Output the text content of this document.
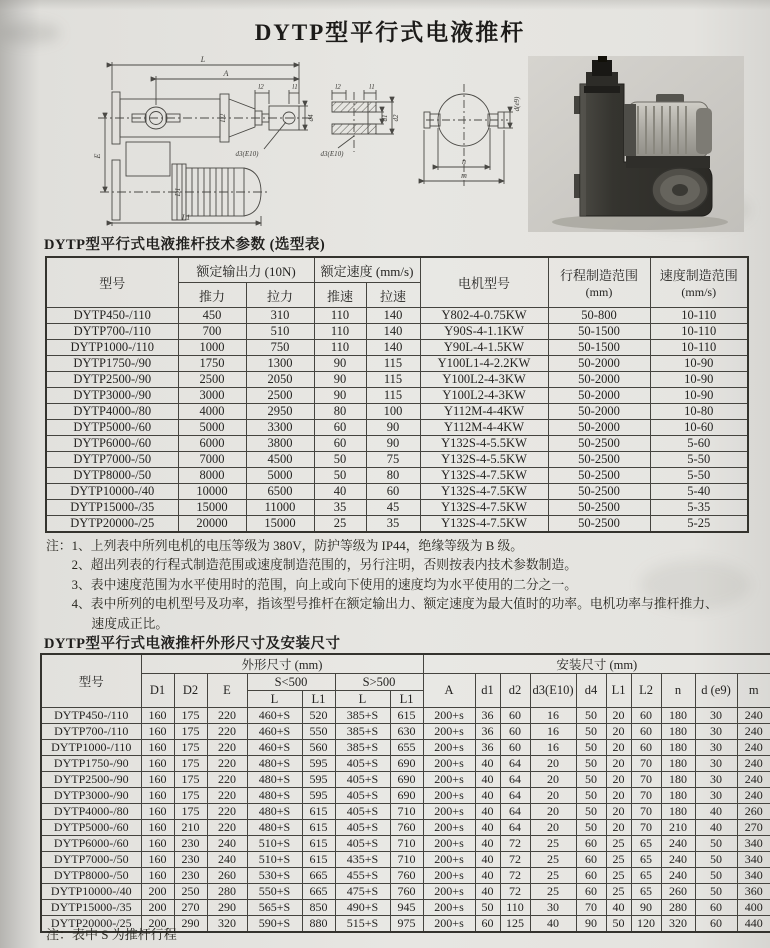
DYTP型平行式电液推杆
L
A
l2	l1
D2	d4
d3(E10)
E
D1
L1
l2	l1
d1 d2
d3(E10)
d(e9)
n
m
DYTP型平行式电液推杆技术参数 (选型表)
型号	额定输出力 (10N)		额定速度 (mm/s)		电机型号	行程制造范围
(mm)	速度制造范围
(mm/s)
	推力	拉力	推速	拉速			
DYTP450-/110	450	310	110	140	Y802-4-0.75KW	50-800	10-110
DYTP700-/110	700	510	110	140	Y90S-4-1.1KW	50-1500	10-110
DYTP1000-/110	1000	750	110	140	Y90L-4-1.5KW	50-1500	10-110
DYTP1750-/90	1750	1300	90	115	Y100L1-4-2.2KW	50-2000	10-90
DYTP2500-/90	2500	2050	90	115	Y100L2-4-3KW	50-2000	10-90
DYTP3000-/90	3000	2500	90	115	Y100L2-4-3KW	50-2000	10-90
DYTP4000-/80	4000	2950	80	100	Y112M-4-4KW	50-2000	10-80
DYTP5000-/60	5000	3300	60	90	Y112M-4-4KW	50-2000	10-60
DYTP6000-/60	6000	3800	60	90	Y132S-4-5.5KW	50-2500	5-60
DYTP7000-/50	7000	4500	50	75	Y132S-4-5.5KW	50-2500	5-50
DYTP8000-/50	8000	5000	50	80	Y132S-4-7.5KW	50-2500	5-50
DYTP10000-/40	10000	6500	40	60	Y132S-4-7.5KW	50-2500	5-40
DYTP15000-/35	15000	11000	35	45	Y132S-4-7.5KW	50-2500	5-35
DYTP20000-/25	20000	15000	25	35	Y132S-4-7.5KW	50-2500	5-25
注： 1、上列表中所列电机的电压等级为 380V，防护等级为 IP44，绝缘等级为 B 级。
2、超出列表的行程式制造范围或速度制造范围的，另行注明，否则按表内技术参数制造。
3、表中速度范围为水平使用时的范围，向上或向下使用的速度均为水平使用的二分之一。
4、表中所列的电机型号及功率，指该型号推杆在额定输出力、额定速度为最大值时的功率。电机功率与推杆推力、速度成正比。
DYTP型平行式电液推杆外形尺寸及安装尺寸
型号	外形尺寸 (mm)							安装尺寸 (mm)									
	D1	D2	E	S<500		S>500		A	d1	d2	d3(E10)	d4	L1	L2	n	d (e9)	m
				L	L1	L	L1										
DYTP450-/110	160	175	220	460+S	520	385+S	615	200+s	36	60	16	50	20	60	180	30	240
DYTP700-/110	160	175	220	460+S	550	385+S	630	200+s	36	60	16	50	20	60	180	30	240
DYTP1000-/110	160	175	220	460+S	560	385+S	655	200+s	36	60	16	50	20	60	180	30	240
DYTP1750-/90	160	175	220	480+S	595	405+S	690	200+s	40	64	20	50	20	70	180	30	240
DYTP2500-/90	160	175	220	480+S	595	405+S	690	200+s	40	64	20	50	20	70	180	30	240
DYTP3000-/90	160	175	220	480+S	595	405+S	690	200+s	40	64	20	50	20	70	180	30	240
DYTP4000-/80	160	175	220	480+S	615	405+S	710	200+s	40	64	20	50	20	70	180	40	260
DYTP5000-/60	160	210	220	480+S	615	405+S	760	200+s	40	64	20	50	20	70	210	40	270
DYTP6000-/60	160	230	240	510+S	615	405+S	710	200+s	40	72	25	60	25	65	240	50	340
DYTP7000-/50	160	230	240	510+S	615	435+S	710	200+s	40	72	25	60	25	65	240	50	340
DYTP8000-/50	160	230	260	530+S	665	455+S	760	200+s	40	72	25	60	25	65	240	50	340
DYTP10000-/40	200	250	280	550+S	665	475+S	760	200+s	40	72	25	60	25	65	260	50	360
DYTP15000-/35	200	270	290	565+S	850	490+S	945	200+s	50	110	30	70	40	90	280	60	400
DYTP20000-/25	200	290	320	590+S	880	515+S	975	200+s	60	125	40	90	50	120	320	60	440
注：表中 S 为推杆行程
